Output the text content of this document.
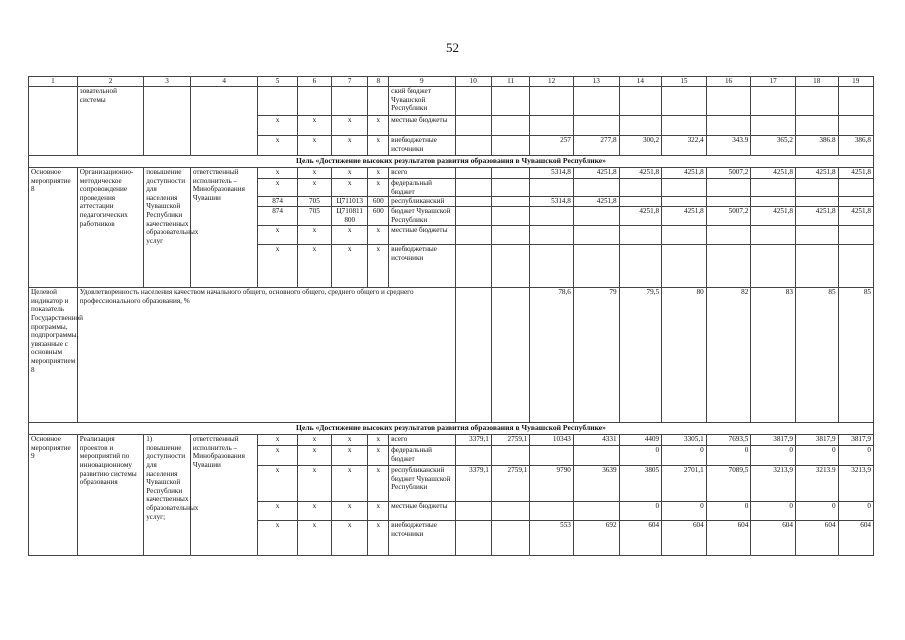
52
1	2	3	4	5	6	7	8	9	10	11	12	13	14	15	16	17	18	19
	зовательной системы							ский бюджет Чувашской Республики										
				x	x	x	x	местные бюджеты										
				x	x	x	x	внебюджетные источники			257	277,8	300,2	322,4	343.9	365,2	386.8	386,8
Цель «Достижение высоких результатов развития образования в Чувашской Республике»																		
Основное мероприятие 8	Организационно-методическое сопровождение проведения аттестации педагогических работников	повышение доступности для населения Чувашской Республики качественных образовательных услуг	ответственный исполнитель – Минобразования Чувашии	x	x	x	x	всего			5314,8	4251,8	4251,8	4251,8	5007,2	4251,8	4251,8	4251,8
				x	x	x	x	федеральный бюджет										
				874	705	Ц711013	600	республиканский			5314,8	4251,8						
				874	705	Ц710811 800	600	бюджет Чувашской Республики					4251,8	4251,8	5007,2	4251,8	4251,8	4251,8
				x	x	x	x	местные бюджеты										
				x	x	x	x	внебюджетные источники										
Целевой индикатор и показатель Государственной программы, подпрограммы, увязанные с основным мероприятием 8	Удовлетворенность населения качеством начального общего, основного общего, среднего общего и среднего профессионального образования, %										78,6	79	79,5	80	82	83	85	85
Цель «Достижение высоких результатов развития образования в Чувашской Республике»																		
Основное мероприятие 9	Реализация проектов и мероприятий по инновационному развитию системы образования	1) повышение доступности для населения Чувашской Республики качественных образовательных услуг;	ответственный исполнитель – Минобразования Чувашии	x	x	x	x	всего	3379,1	2759,1	10343	4331	4409	3305,1	7693,5	3817,9	3817,9	3817,9
				x	x	x	x	федеральный бюджет					0	0	0	0	0	0
				x	x	x	x	республиканский бюджет Чувашской Республики	3379,1	2759,1	9790	3639	3805	2701,1	7089,5	3213,9	3213.9	3213,9
				x	x	x	x	местные бюджеты					0	0	0	0	0	0
				x	x	x	x	внебюджетные источники			553	692	604	604	604	604	604	604
